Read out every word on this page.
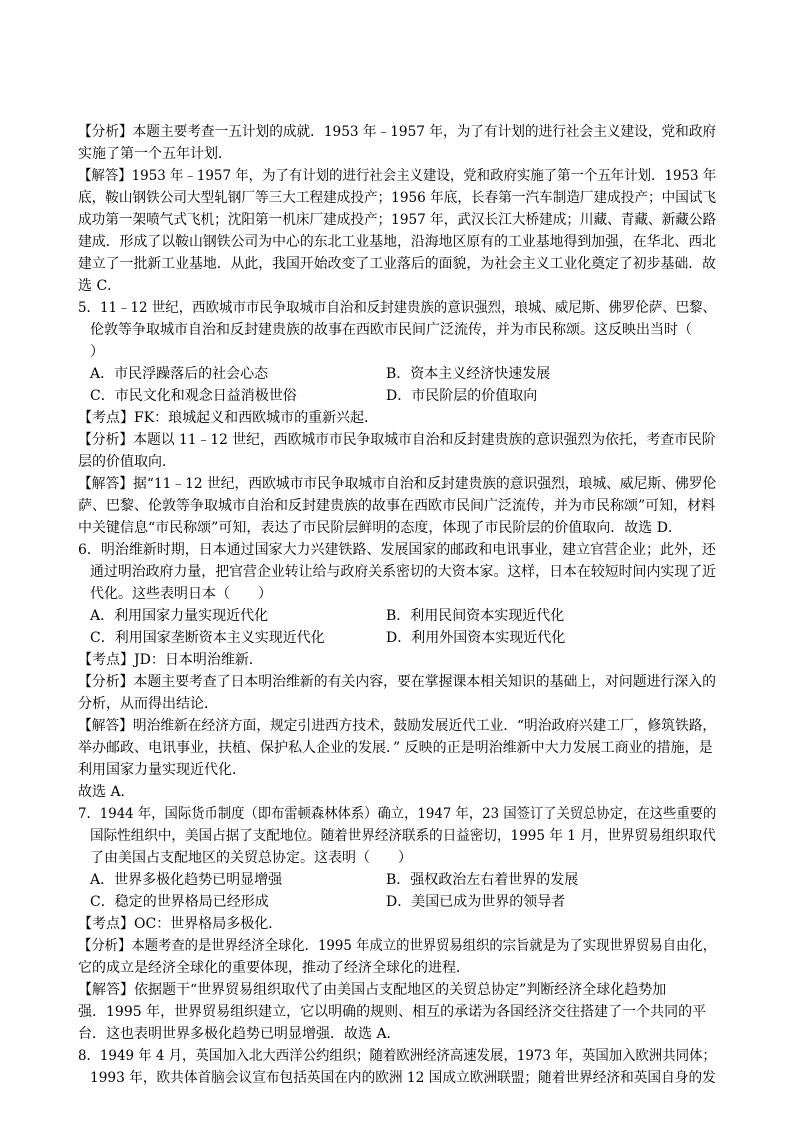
【分析】本题主要考查一五计划的成就．1953 年﹣1957 年，为了有计划的进行社会主义建设，党和政府
实施了第一个五年计划．
【解答】1953 年﹣1957 年，为了有计划的进行社会主义建设，党和政府实施了第一个五年计划．1953 年
底，鞍山钢铁公司大型轧钢厂等三大工程建成投产；1956 年底，长春第一汽车制造厂建成投产；中国试飞
成功第一架喷气式飞机；沈阳第一机床厂建成投产；1957 年，武汉长江大桥建成；川藏、青藏、新藏公路
建成．形成了以鞍山钢铁公司为中心的东北工业基地，沿海地区原有的工业基地得到加强，在华北、西北
建立了一批新工业基地．从此，我国开始改变了工业落后的面貌，为社会主义工业化奠定了初步基础．故
选 C．
5．11﹣12 世纪，西欧城市市民争取城市自治和反封建贵族的意识强烈，琅城、威尼斯、佛罗伦萨、巴黎、
伦敦等争取城市自治和反封建贵族的故事在西欧市民间广泛流传，并为市民称颂。这反映出当时（
）
A．市民浮躁落后的社会心态	B．资本主义经济快速发展
C．市民文化和观念日益消极世俗	D．市民阶层的价值取向
【考点】FK：琅城起义和西欧城市的重新兴起．
【分析】本题以 11﹣12 世纪，西欧城市市民争取城市自治和反封建贵族的意识强烈为依托，考查市民阶
层的价值取向．
【解答】据“11﹣12 世纪，西欧城市市民争取城市自治和反封建贵族的意识强烈，琅城、威尼斯、佛罗伦
萨、巴黎、伦敦等争取城市自治和反封建贵族的故事在西欧市民间广泛流传，并为市民称颂”可知，材料
中关键信息“市民称颂”可知，表达了市民阶层鲜明的态度，体现了市民阶层的价值取向．故选 D．
6．明治维新时期，日本通过国家大力兴建铁路、发展国家的邮政和电讯事业，建立官营企业；此外，还
通过明治政府力量，把官营企业转让给与政府关系密切的大资本家。这样，日本在较短时间内实现了近
代化。这些表明日本（　　）
A．利用国家力量实现近代化	B．利用民间资本实现近代化
C．利用国家垄断资本主义实现近代化	D．利用外国资本实现近代化
【考点】JD：日本明治维新．
【分析】本题主要考查了日本明治维新的有关内容，要在掌握课本相关知识的基础上，对问题进行深入的
分析，从而得出结论．
【解答】明治维新在经济方面，规定引进西方技术，鼓励发展近代工业．“明治政府兴建工厂，修筑铁路，
举办邮政、电讯事业，扶植、保护私人企业的发展．” 反映的正是明治维新中大力发展工商业的措施，是
利用国家力量实现近代化．
故选 A．
7．1944 年，国际货币制度（即布雷顿森林体系）确立，1947 年，23 国签订了关贸总协定，在这些重要的
国际性组织中，美国占据了支配地位。随着世界经济联系的日益密切，1995 年 1 月，世界贸易组织取代
了由美国占支配地区的关贸总协定。这表明（　　）
A．世界多极化趋势已明显增强	B．强权政治左右着世界的发展
C．稳定的世界格局已经形成	D．美国已成为世界的领导者
【考点】OC：世界格局多极化．
【分析】本题考查的是世界经济全球化．1995 年成立的世界贸易组织的宗旨就是为了实现世界贸易自由化，
它的成立是经济全球化的重要体现，推动了经济全球化的进程．
【解答】依据题干“世界贸易组织取代了由美国占支配地区的关贸总协定”判断经济全球化趋势加
强．1995 年，世界贸易组织建立，它以明确的规则、相互的承诺为各国经济交往搭建了一个共同的平
台．这也表明世界多极化趋势已明显增强．故选 A．
8．1949 年 4 月，英国加入北大西洋公约组织；随着欧洲经济高速发展，1973 年，英国加入欧洲共同体；
1993 年，欧共体首脑会议宣布包括英国在内的欧洲 12 国成立欧洲联盟；随着世界经济和英国自身的发
